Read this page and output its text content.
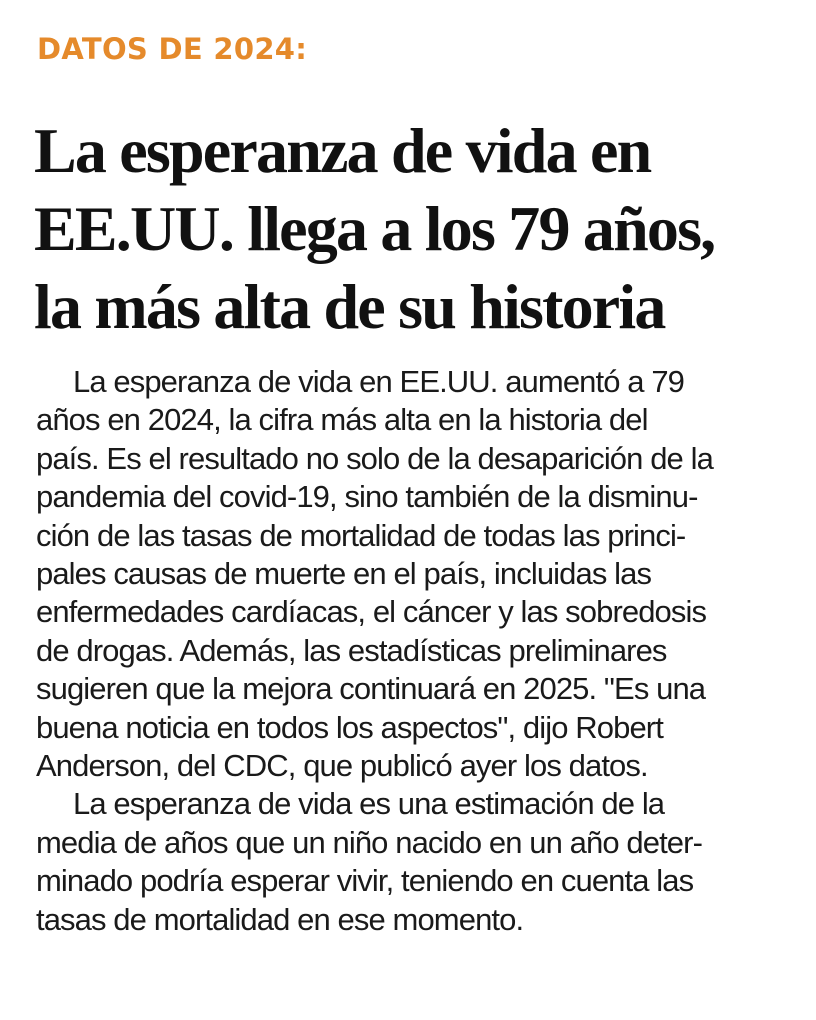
DATOS DE 2024:
La esperanza de vida en
EE.UU. llega a los 79 años,
la más alta de su historia
La esperanza de vida en EE.UU. aumentó a 79
años en 2024, la cifra más alta en la historia del
país. Es el resultado no solo de la desaparición de la
pandemia del covid-19, sino también de la disminu-
ción de las tasas de mortalidad de todas las princi-
pales causas de muerte en el país, incluidas las
enfermedades cardíacas, el cáncer y las sobredosis
de drogas. Además, las estadísticas preliminares
sugieren que la mejora continuará en 2025. "Es una
buena noticia en todos los aspectos", dijo Robert
Anderson, del CDC, que publicó ayer los datos.
La esperanza de vida es una estimación de la
media de años que un niño nacido en un año deter-
minado podría esperar vivir, teniendo en cuenta las
tasas de mortalidad en ese momento.
